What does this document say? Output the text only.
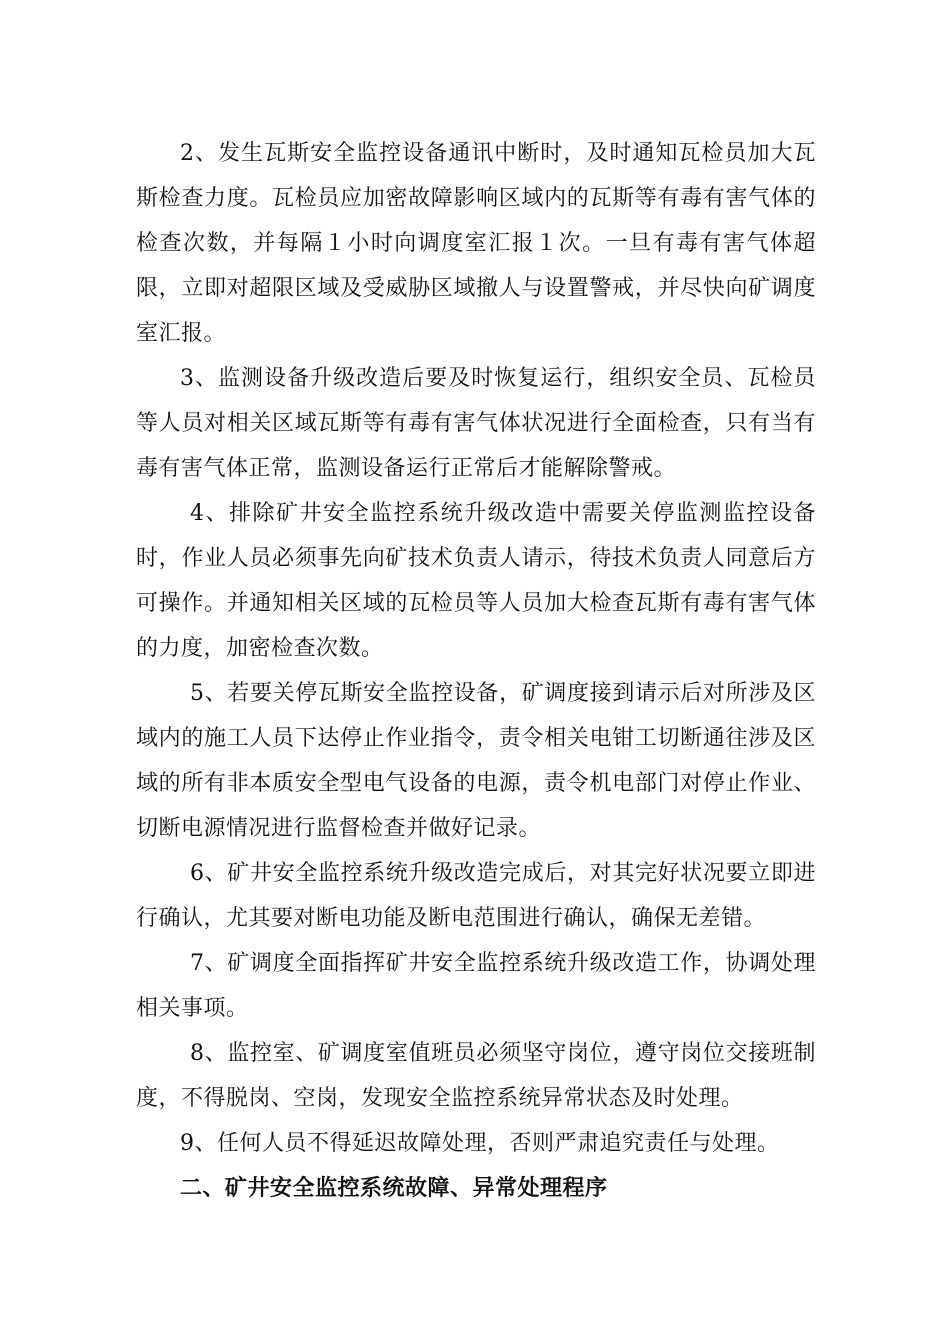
2、发生瓦斯安全监控设备通讯中断时，及时通知瓦检员加大瓦斯检查力度。瓦检员应加密故障影响区域内的瓦斯等有毒有害气体的检查次数，并每隔１小时向调度室汇报１次。一旦有毒有害气体超限，立即对超限区域及受威胁区域撤人与设置警戒，并尽快向矿调度室汇报。

3、监测设备升级改造后要及时恢复运行，组织安全员、瓦检员等人员对相关区域瓦斯等有毒有害气体状况进行全面检查，只有当有毒有害气体正常，监测设备运行正常后才能解除警戒。

4、排除矿井安全监控系统升级改造中需要关停监测监控设备时，作业人员必须事先向矿技术负责人请示，待技术负责人同意后方可操作。并通知相关区域的瓦检员等人员加大检查瓦斯有毒有害气体的力度，加密检查次数。

5、若要关停瓦斯安全监控设备，矿调度接到请示后对所涉及区域内的施工人员下达停止作业指令，责令相关电钳工切断通往涉及区域的所有非本质安全型电气设备的电源，责令机电部门对停止作业、切断电源情况进行监督检查并做好记录。

6、矿井安全监控系统升级改造完成后，对其完好状况要立即进行确认，尤其要对断电功能及断电范围进行确认，确保无差错。

7、矿调度全面指挥矿井安全监控系统升级改造工作，协调处理相关事项。

8、监控室、矿调度室值班员必须坚守岗位，遵守岗位交接班制度，不得脱岗、空岗，发现安全监控系统异常状态及时处理。

9、任何人员不得延迟故障处理，否则严肃追究责任与处理。

二、矿井安全监控系统故障、异常处理程序
